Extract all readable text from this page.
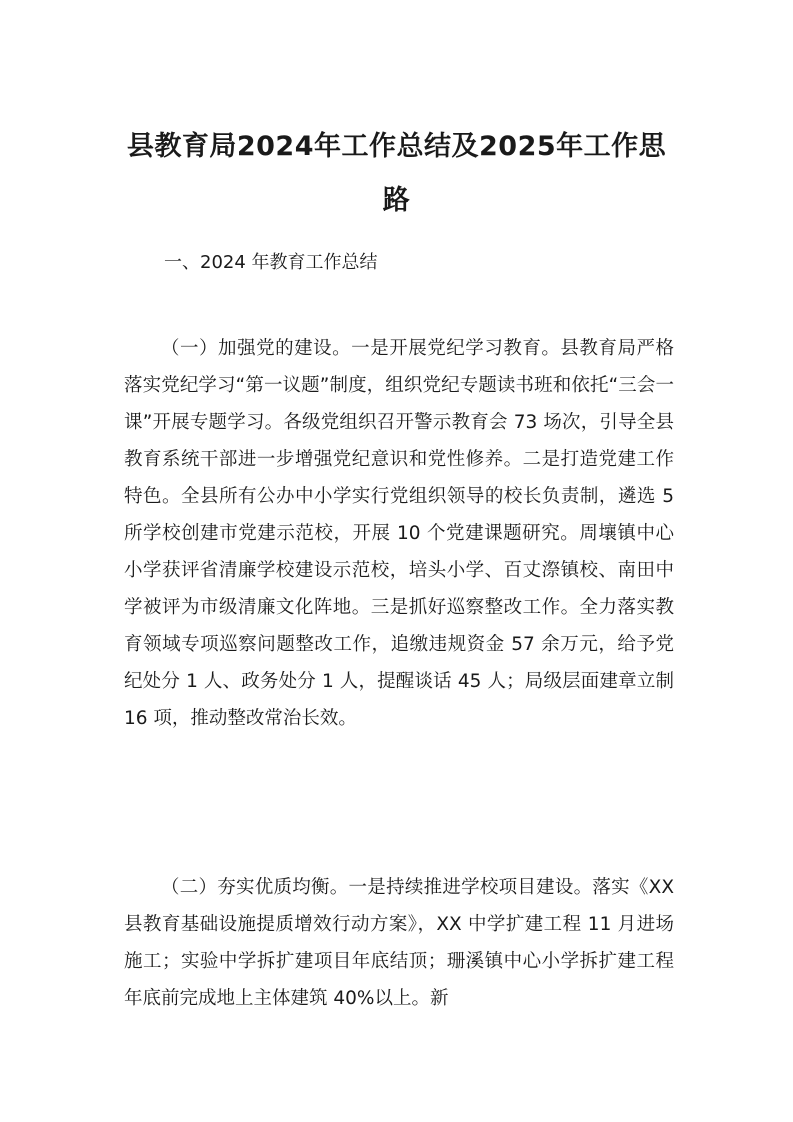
县教育局2024年工作总结及2025年工作思
路
一、2024 年教育工作总结

（一）加强党的建设。一是开展党纪学习教育。县教育局严格落实党纪学习“第一议题”制度，组织党纪专题读书班和依托“三会一课”开展专题学习。各级党组织召开警示教育会 73 场次，引导全县教育系统干部进一步增强党纪意识和党性修养。二是打造党建工作特色。全县所有公办中小学实行党组织领导的校长负责制，遴选 5 所学校创建市党建示范校，开展 10 个党建课题研究。周壤镇中心小学获评省清廉学校建设示范校，培头小学、百丈漈镇校、南田中学被评为市级清廉文化阵地。三是抓好巡察整改工作。全力落实教育领域专项巡察问题整改工作，追缴违规资金 57 余万元，给予党纪处分 1 人、政务处分 1 人，提醒谈话 45 人；局级层面建章立制 16 项，推动整改常治长效。

（二）夯实优质均衡。一是持续推进学校项目建设。落实《XX 县教育基础设施提质增效行动方案》，XX 中学扩建工程 11 月进场施工；实验中学拆扩建项目年底结顶；珊溪镇中心小学拆扩建工程年底前完成地上主体建筑 40%以上。新
